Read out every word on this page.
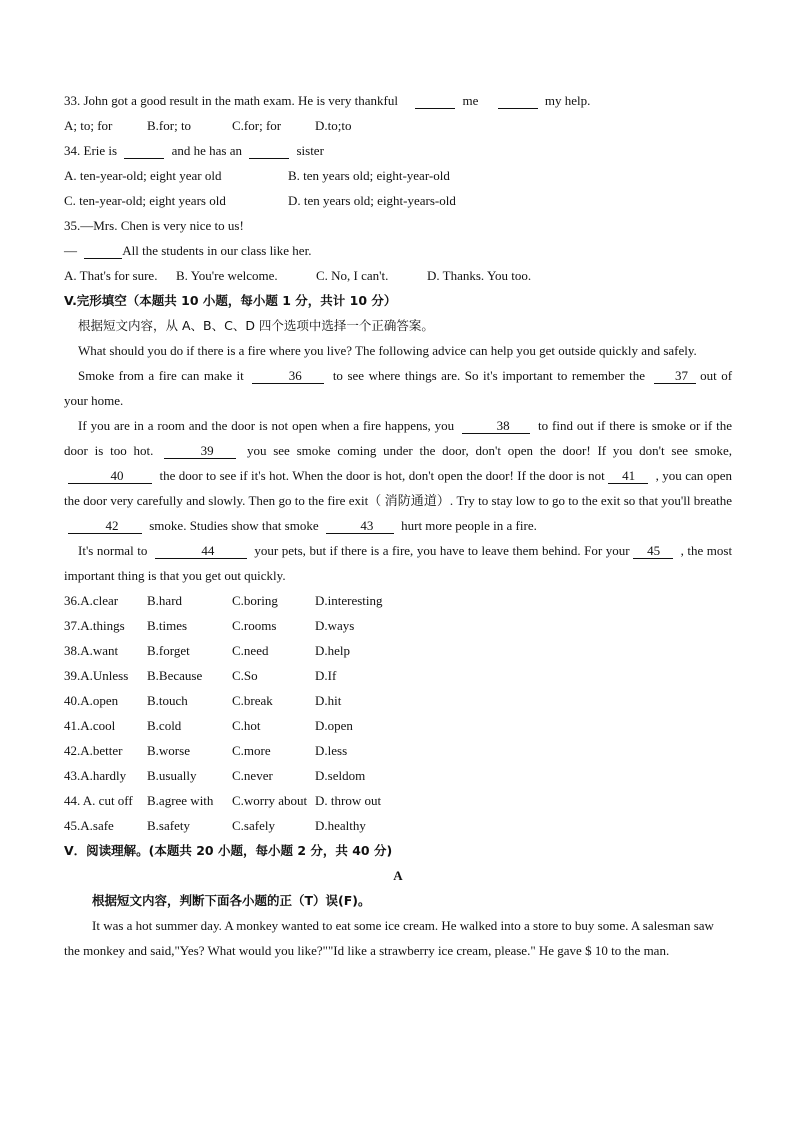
33. John got a good result in the math exam. He is very thankful	me	my help.
A; to; for	B.for; to	C.for; for	D.to;to
34. Erie is	and he has an	sister
A. ten-year-old; eight year old	B. ten years old; eight-year-old
C. ten-year-old; eight years old	D. ten years old; eight-years-old
35.—Mrs. Chen is very nice to us!
—	All the students in our class like her.
A. That's for sure. B. You're welcome.	C. No, I can't.	D. Thanks. You too.
V.完形填空（本题共 10 小题，每小题 1 分，共计 10 分）
根据短文内容，从 A、B、C、D 四个选项中选择一个正确答案。
What should you do if there is a fire where you live? The following advice can help you get outside quickly and safely.
Smoke from a fire can make it	36 to see where things are. So it's important to remember the 37 out of your home.
If you are in a room and the door is not open when a fire happens, you	38 to find out if there is smoke or if the door is too hot.	39	you see smoke coming under the door, don't open the door! If you don't see smoke, 40	the door to see if it's hot. When the door is hot, don't open the door! If the door is not 41 , you can open the door very carefully and slowly. Then go to the fire exit（ 消防通道）. Try to stay low to go to the exit so that you'll breathe 42 smoke. Studies show that smoke	43 hurt more people in a fire.
It's normal to	44	your pets, but if there is a fire, you have to leave them behind. For your 45 , the most important thing is that you get out quickly.
36.A.clear	B.hard	C.boring	D.interesting
37.A.things	B.times	C.rooms	D.ways
38.A.want	B.forget	C.need	D.help
39.A.Unless	B.Because	C.So	D.If
40.A.open	B.touch	C.break	D.hit
41.A.cool	B.cold	C.hot	D.open
42.A.better	B.worse	C.more	D.less
43.A.hardly	B.usually	C.never	D.seldom
44. A. cut off	B.agree with	C.worry about D. throw out
45.A.safe	B.safety	C.safely	D.healthy
V．阅读理解。(本题共 20 小题，每小题 2 分，共 40 分)
A
根据短文内容，判断下面各小题的正（T）误(F)。
It was a hot summer day. A monkey wanted to eat some ice cream. He walked into a store to buy some. A salesman saw the monkey and said,"Yes? What would you like?""Id like a strawberry ice cream, please." He gave $ 10 to the man.
